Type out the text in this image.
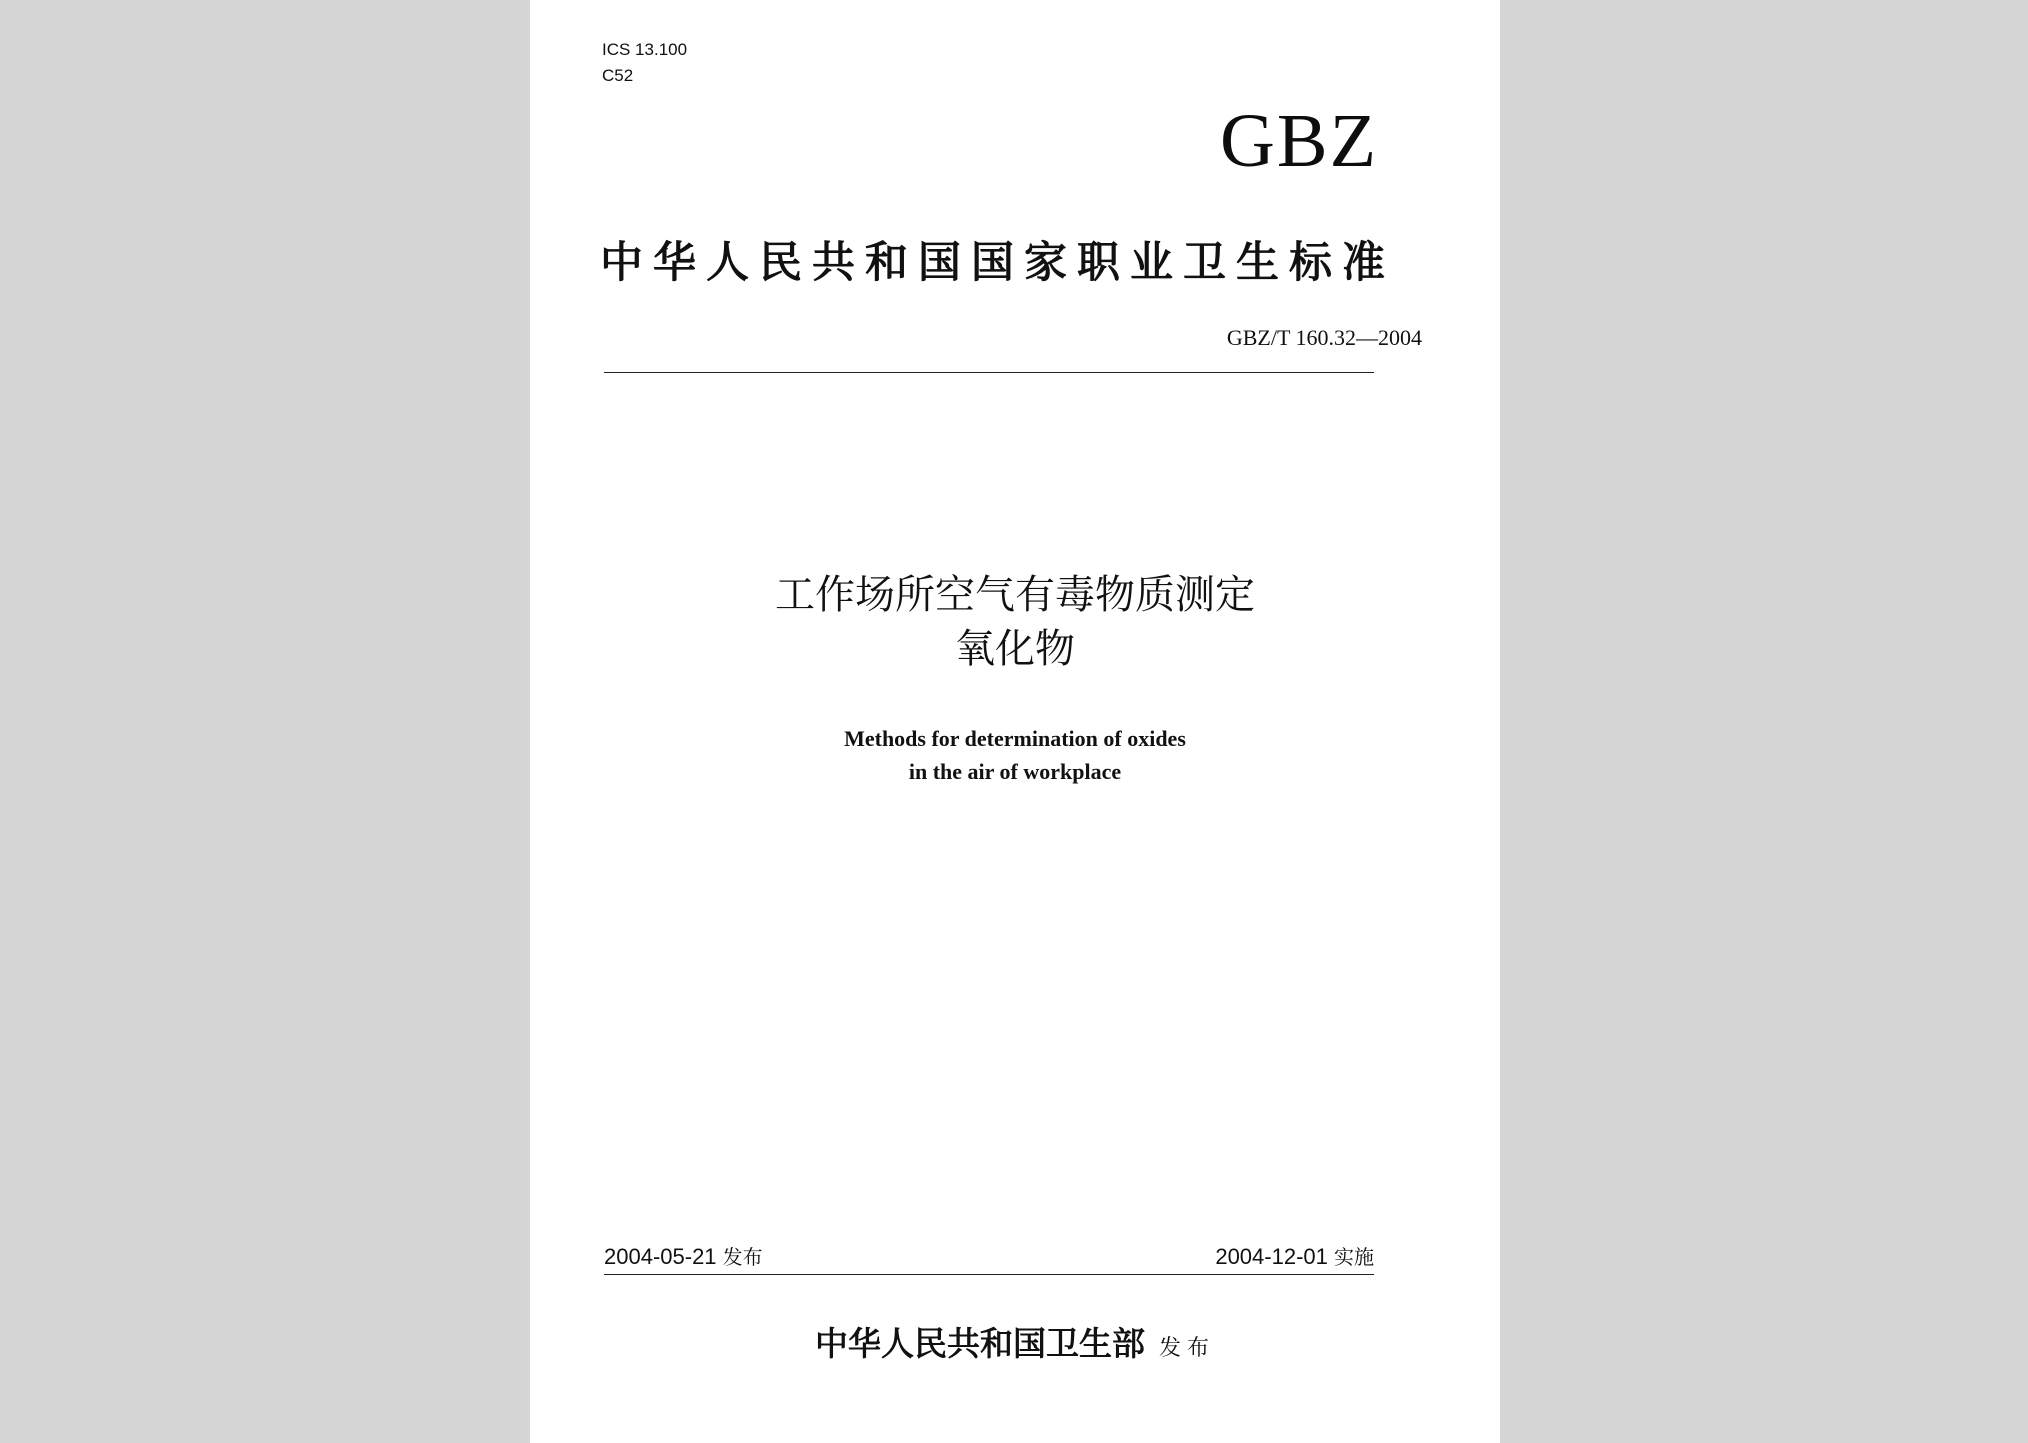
ICS 13.100

C52

GBZ

中华人民共和国国家职业卫生标准

GBZ/T 160.32—2004

工作场所空气有毒物质测定
氧化物
Methods for determination of oxides
in the air of workplace

2004-05-21 发布	2004-12-01 实施

中华人民共和国卫生部 发布
